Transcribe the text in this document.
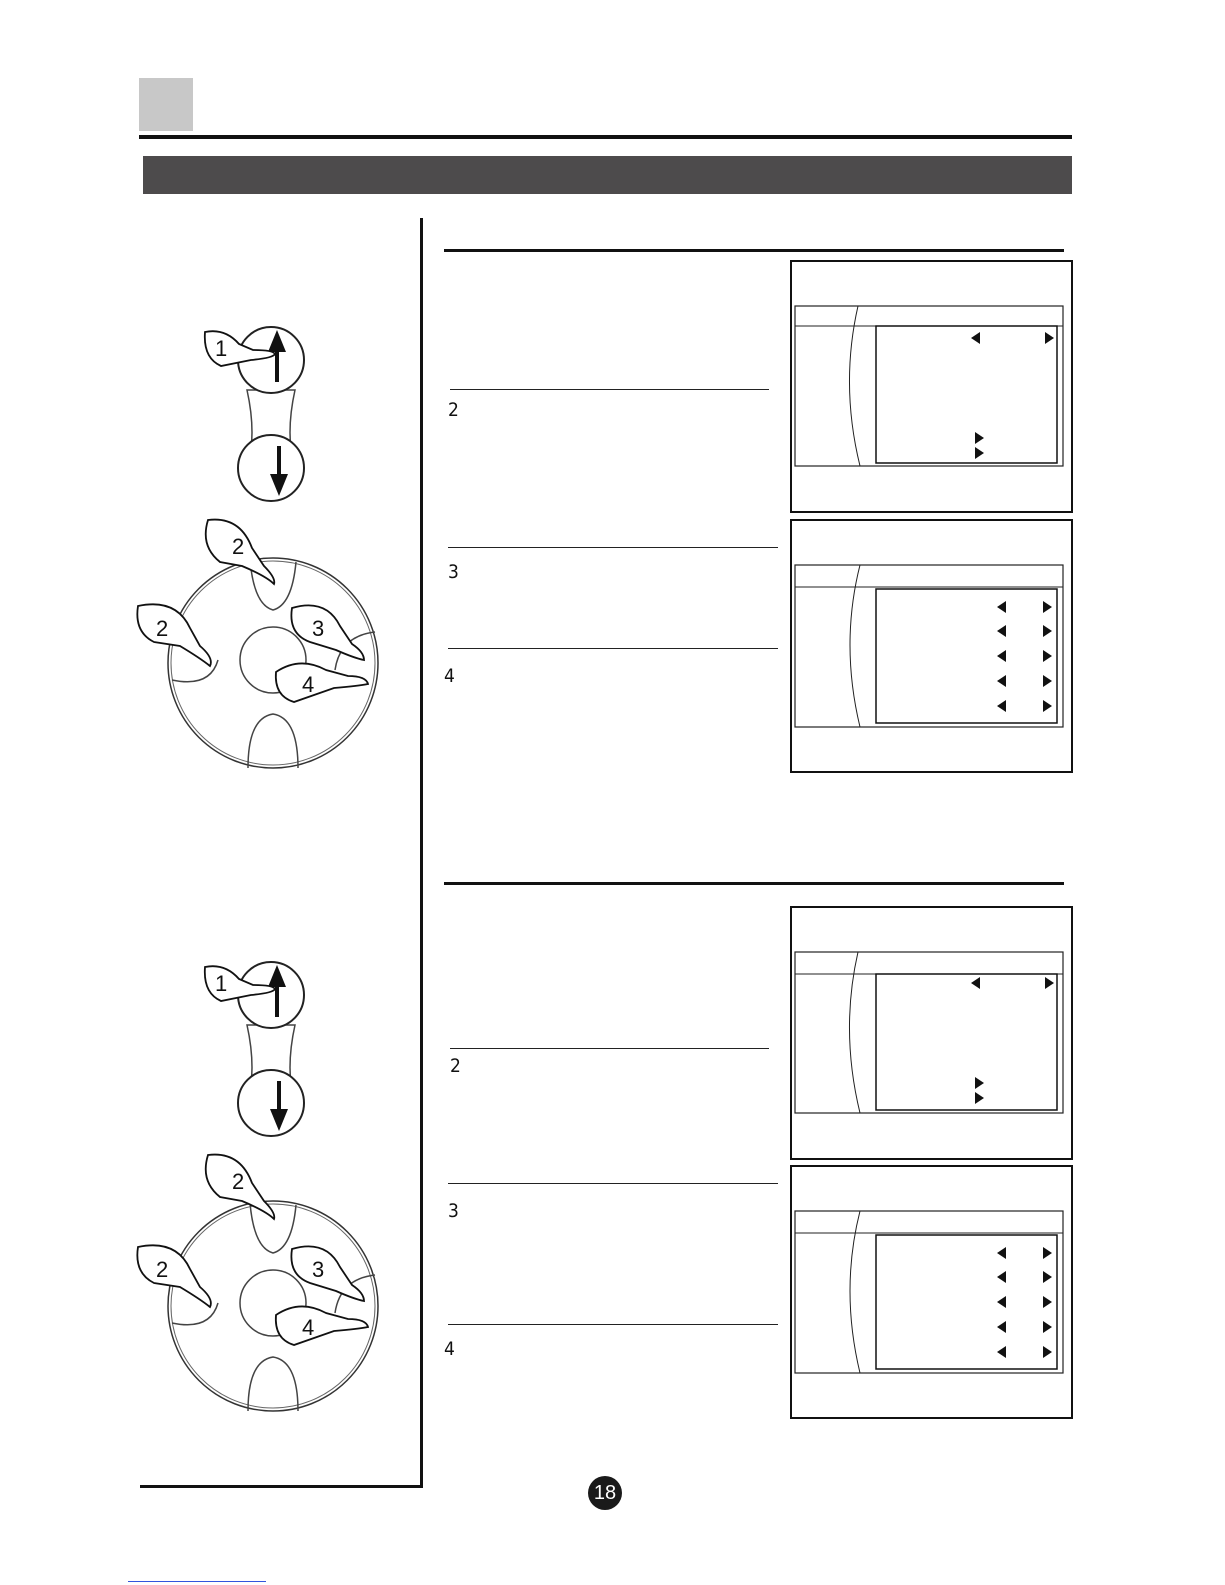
1
2
2	3
4
2
3
4
1
2
2	3
4
2
3
4
18
